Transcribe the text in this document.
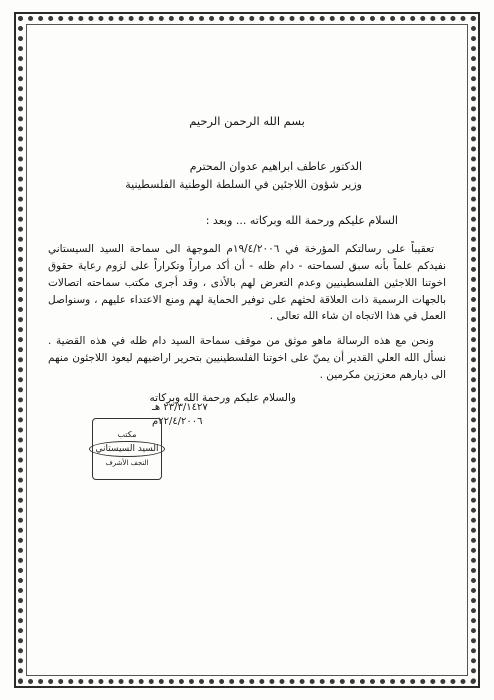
بسم الله الرحمن الرحيم

الدكتور عاطف ابراهيم عدوان المحترم

وزير شؤون اللاجئين في السلطة الوطنية الفلسطينية

السلام عليكم ورحمة الله وبركاته ... وبعد :

تعقيباً على رسالتكم المؤرخة في ١٩/٤/٢٠٠٦م الموجهة الى سماحة السيد السيستاني نفيدكم علماً بأنه سبق لسماحته - دام ظله - أن أكد مراراً وتكراراً على لزوم رعاية حقوق اخوتنا اللاجئين الفلسطينيين وعدم التعرض لهم بالأذى ، وقد أجرى مكتب سماحته اتصالات بالجهات الرسمية ذات العلاقة لحثهم على توفير الحماية لهم ومنع الاعتداء عليهم ، وسنواصل العمل في هذا الاتجاه ان شاء الله تعالى .

ونحن مع هذه الرسالة ماهو موثق من موقف سماحة السيد دام ظله في هذه القضية . نسأل الله العلي القدير أن يمنّ على اخوتنا الفلسطينيين بتحرير اراضيهم ليعود اللاجئون منهم الى ديارهم معززين مكرمين .

والسلام عليكم ورحمة الله وبركاته

٢٣/٣/١٤٢٧ هـ
٢٢/٤/٢٠٠٦م
مكتب
السيد السيستاني
النجف الأشرف
